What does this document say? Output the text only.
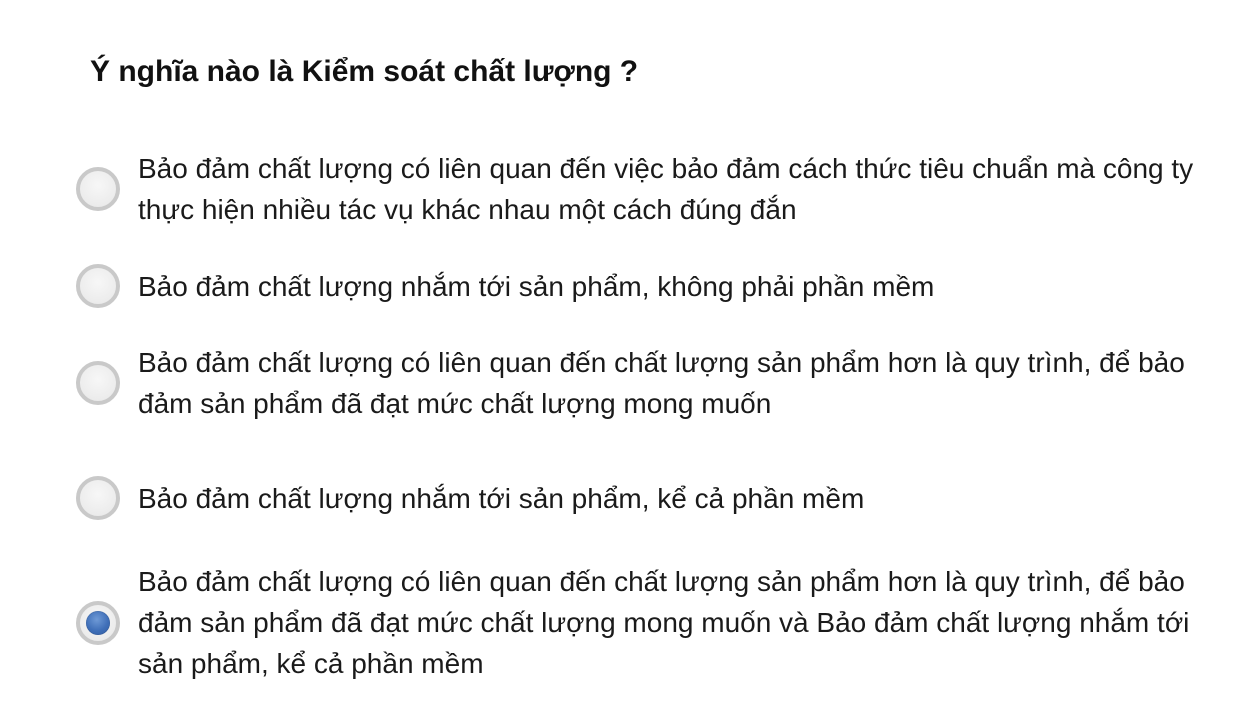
Ý nghĩa nào là Kiểm soát chất lượng ?
Bảo đảm chất lượng có liên quan đến việc bảo đảm cách thức tiêu chuẩn mà công ty thực hiện nhiều tác vụ khác nhau một cách đúng đắn
Bảo đảm chất lượng nhắm tới sản phẩm, không phải phần mềm
Bảo đảm chất lượng có liên quan đến chất lượng sản phẩm hơn là quy trình, để bảo đảm sản phẩm đã đạt mức chất lượng mong muốn
Bảo đảm chất lượng nhắm tới sản phẩm, kể cả phần mềm
Bảo đảm chất lượng có liên quan đến chất lượng sản phẩm hơn là quy trình, để bảo đảm sản phẩm đã đạt mức chất lượng mong muốn và Bảo đảm chất lượng nhắm tới sản phẩm, kể cả phần mềm
